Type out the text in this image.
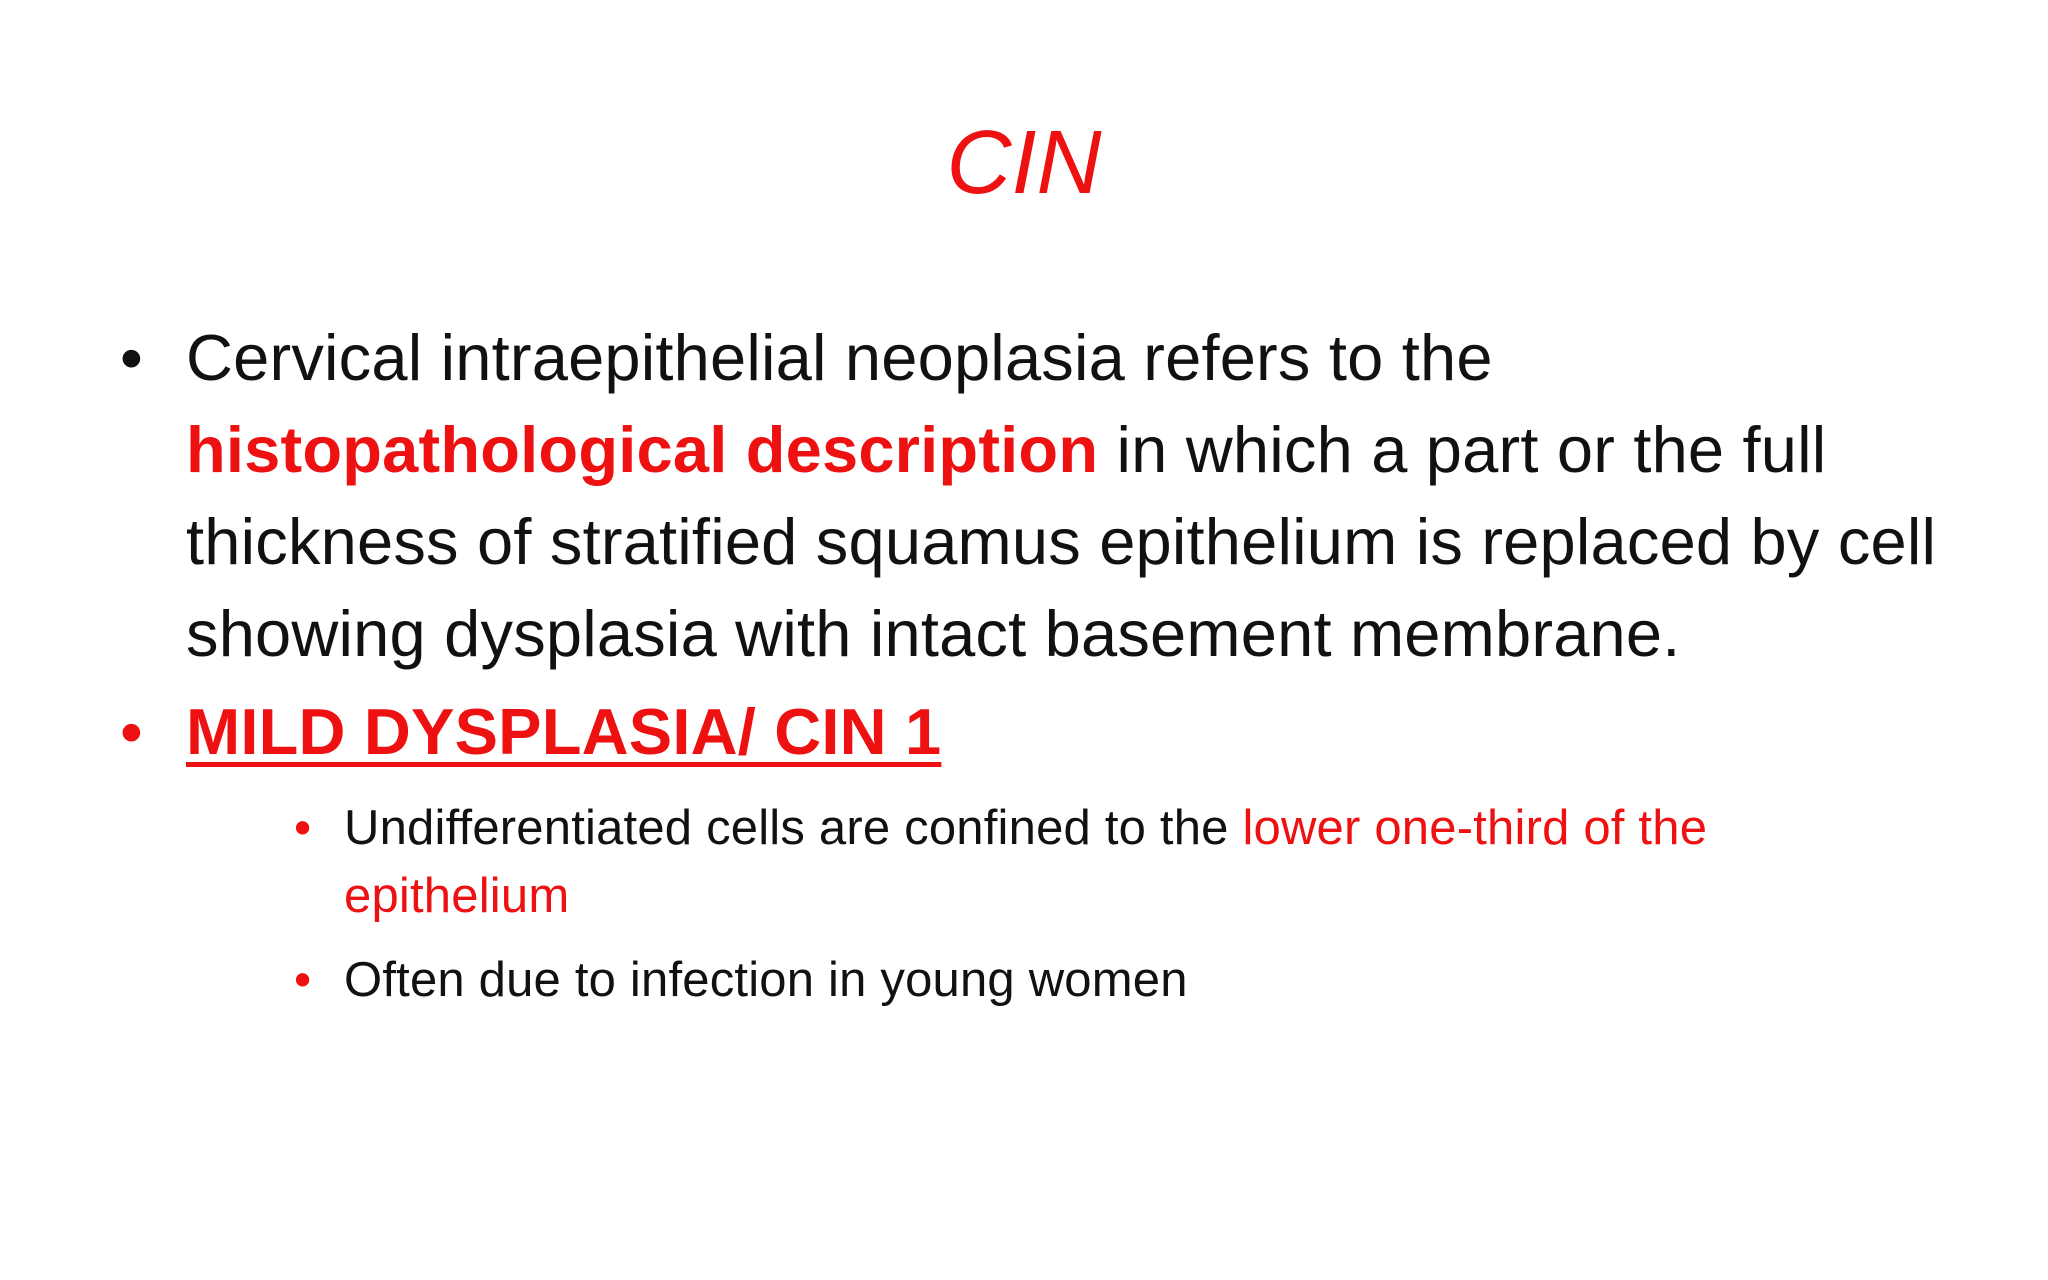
CIN
• Cervical intraepithelial neoplasia refers to the histopathological description in which a part or the full thickness of stratified squamus epithelium is replaced by cell showing dysplasia with intact basement membrane.
• MILD DYSPLASIA/ CIN 1
• Undifferentiated cells are confined to the lower one-third of the epithelium
• Often due to infection in young women
